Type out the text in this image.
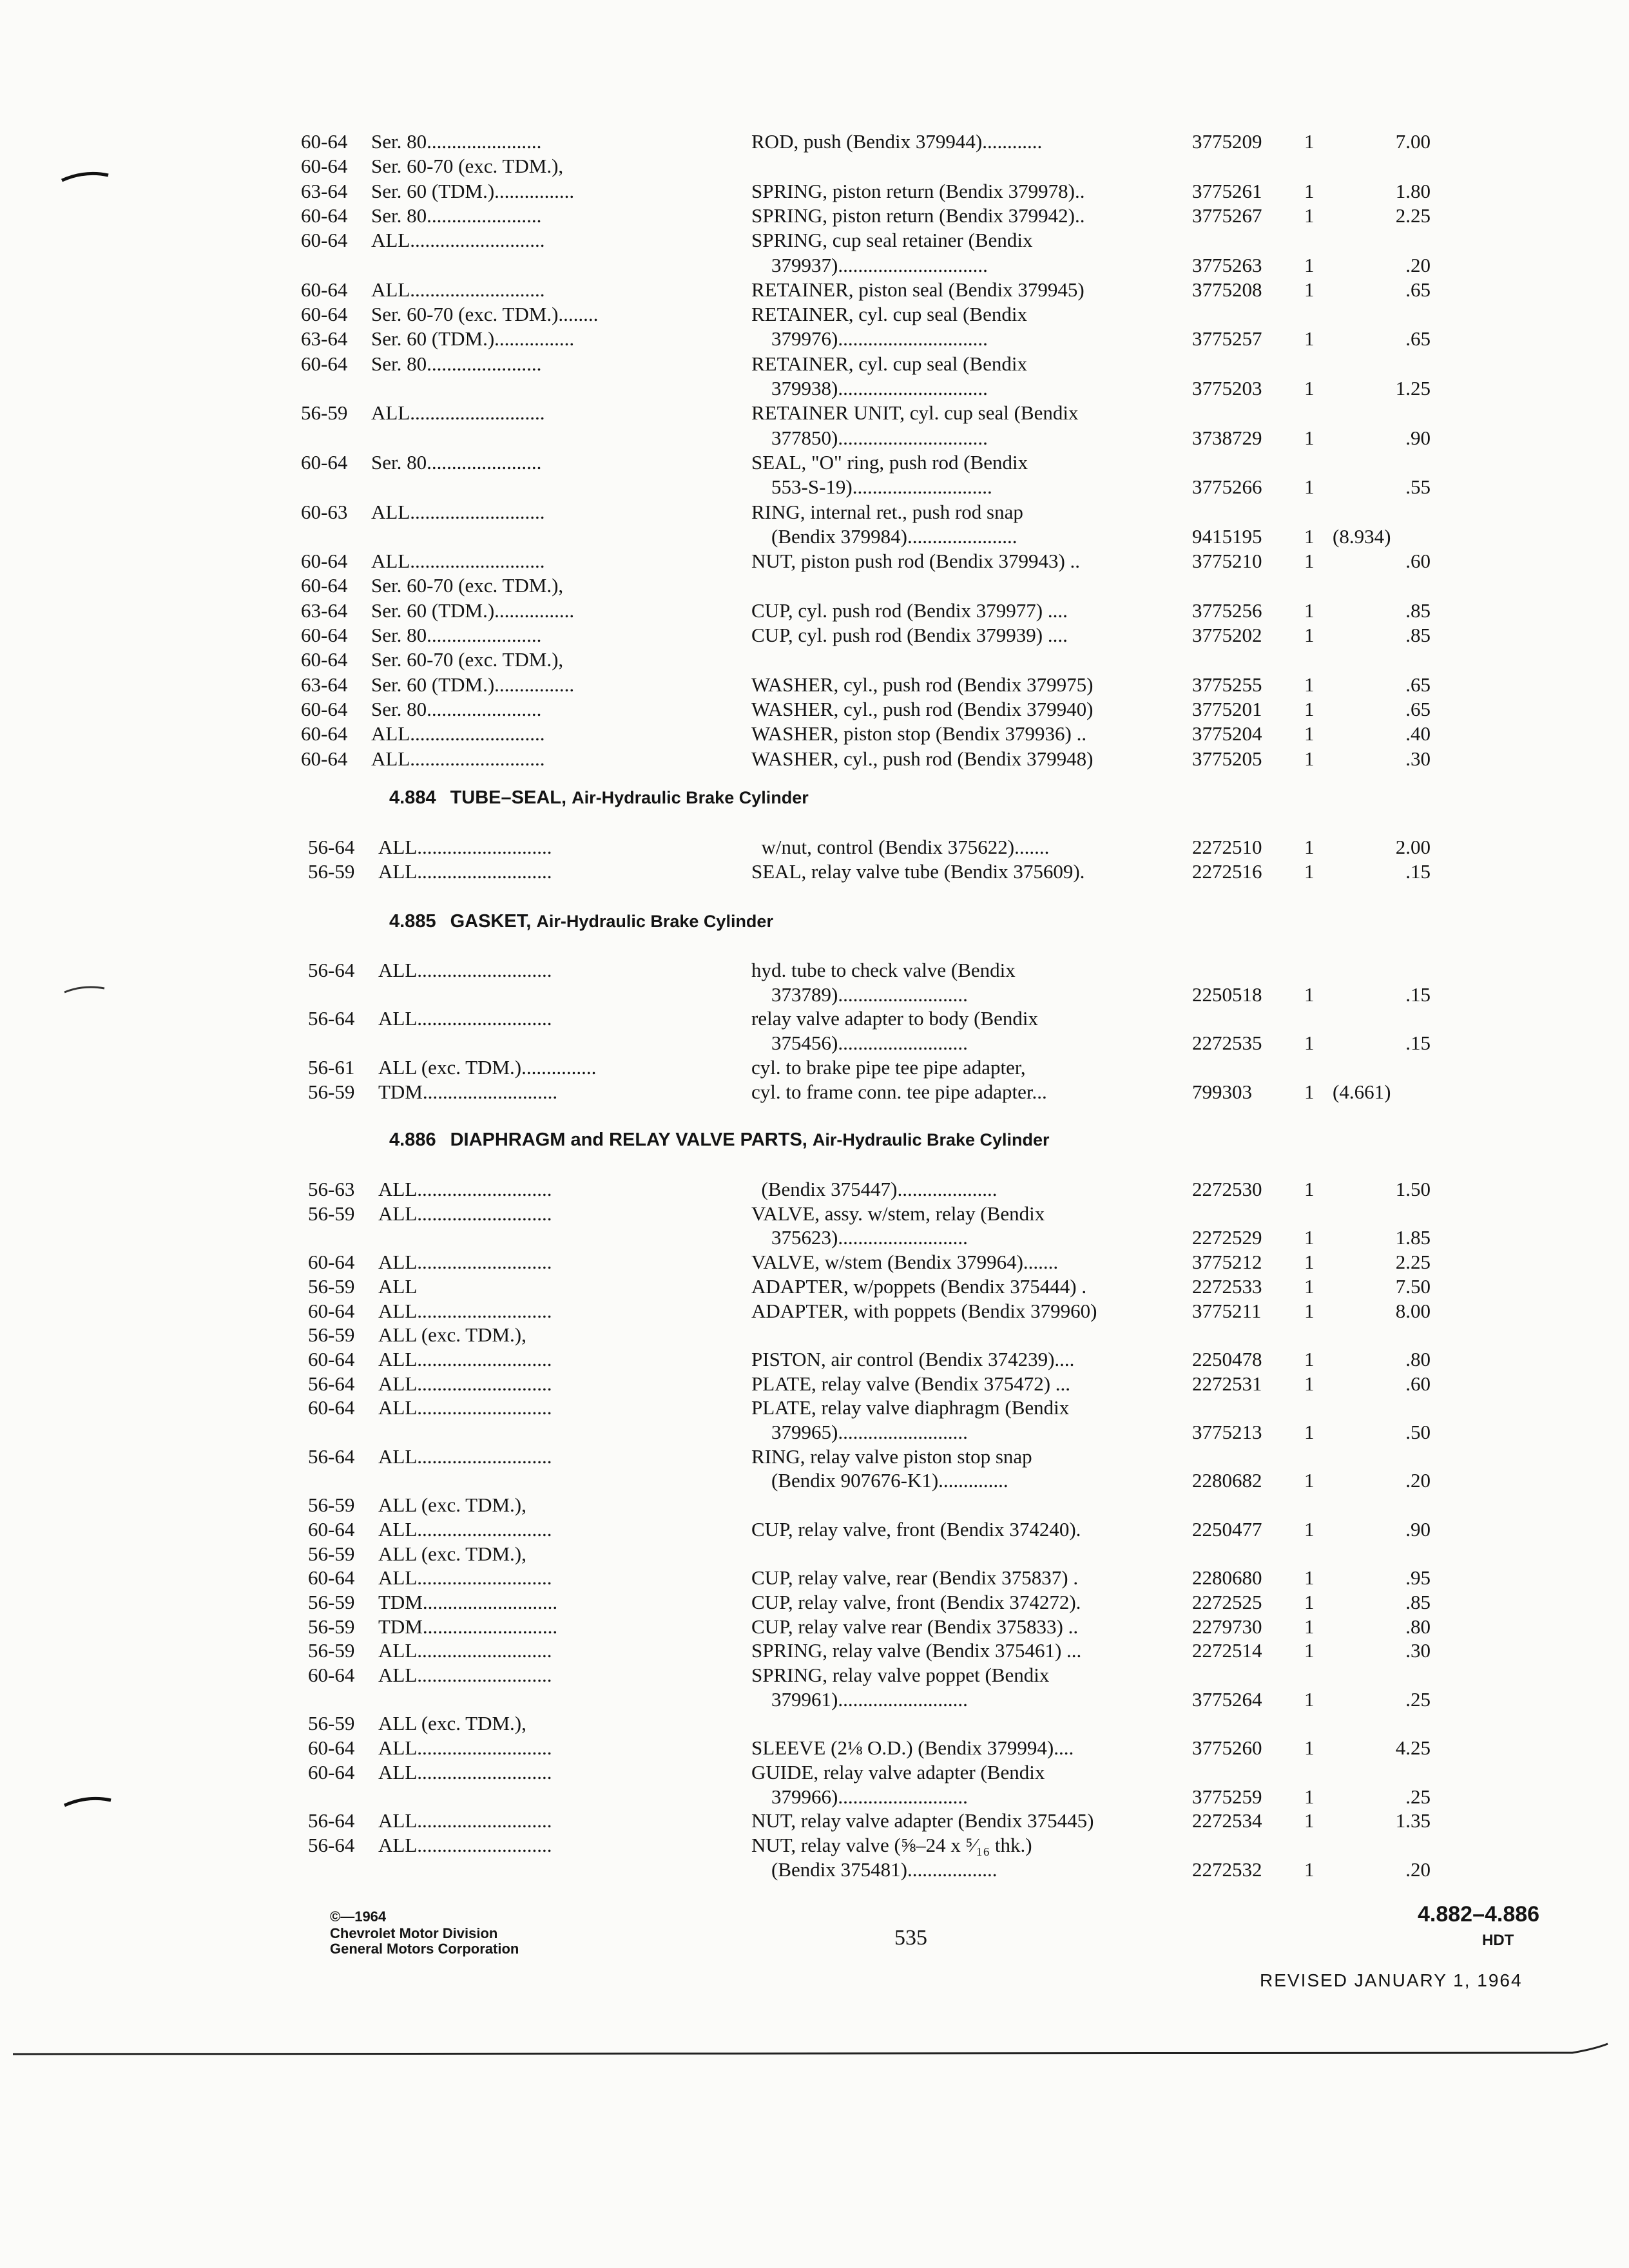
60-64 Ser. 80.......................	ROD, push (Bendix 379944)............	3775209 1	7.00
60-64 Ser. 60-70 (exc. TDM.),
63-64 Ser. 60 (TDM.)................	SPRING, piston return (Bendix 379978)..	3775261 1	1.80
60-64 Ser. 80.......................	SPRING, piston return (Bendix 379942)..	3775267 1	2.25
60-64 ALL...........................	SPRING, cup seal retainer (Bendix
379937)..............................	3775263 1	.20
60-64 ALL...........................	RETAINER, piston seal (Bendix 379945)	3775208 1	.65
60-64 Ser. 60-70 (exc. TDM.)........	RETAINER, cyl. cup seal (Bendix
63-64 Ser. 60 (TDM.)................	379976)..............................	3775257 1	.65
60-64 Ser. 80.......................	RETAINER, cyl. cup seal (Bendix
379938)..............................	3775203 1	1.25
56-59 ALL...........................	RETAINER UNIT, cyl. cup seal (Bendix
377850)..............................	3738729 1	.90
60-64 Ser. 80.......................	SEAL, "O" ring, push rod (Bendix
553-S-19)............................	3775266 1	.55
60-63 ALL...........................	RING, internal ret., push rod snap
(Bendix 379984)......................	9415195 1 (8.934)
60-64 ALL...........................	NUT, piston push rod (Bendix 379943) ..	3775210 1	.60
60-64 Ser. 60-70 (exc. TDM.),
63-64 Ser. 60 (TDM.)................	CUP, cyl. push rod (Bendix 379977) ....	3775256 1	.85
60-64 Ser. 80.......................	CUP, cyl. push rod (Bendix 379939) ....	3775202 1	.85
60-64 Ser. 60-70 (exc. TDM.),
63-64 Ser. 60 (TDM.)................	WASHER, cyl., push rod (Bendix 379975)	3775255 1	.65
60-64 Ser. 80.......................	WASHER, cyl., push rod (Bendix 379940)	3775201 1	.65
60-64 ALL...........................	WASHER, piston stop (Bendix 379936) ..	3775204 1	.40
60-64 ALL...........................	WASHER, cyl., push rod (Bendix 379948)	3775205 1	.30
4.884 TUBE–SEAL, Air-Hydraulic Brake Cylinder
56-64 ALL...........................	w/nut, control (Bendix 375622).......	2272510 1	2.00
56-59 ALL...........................	SEAL, relay valve tube (Bendix 375609).	2272516 1	.15
4.885 GASKET, Air-Hydraulic Brake Cylinder
56-64 ALL...........................	hyd. tube to check valve (Bendix
373789)..........................	2250518 1	.15
56-64 ALL...........................	relay valve adapter to body (Bendix
375456)..........................	2272535 1	.15
56-61 ALL (exc. TDM.)...............	cyl. to brake pipe tee pipe adapter,
56-59 TDM...........................	cyl. to frame conn. tee pipe adapter...	799303	1 (4.661)
4.886 DIAPHRAGM and RELAY VALVE PARTS, Air-Hydraulic Brake Cylinder
56-63 ALL...........................	(Bendix 375447)....................	2272530 1	1.50
56-59 ALL...........................	VALVE, assy. w/stem, relay (Bendix
375623)..........................	2272529 1	1.85
60-64 ALL...........................	VALVE, w/stem (Bendix 379964).......	3775212 1	2.25
56-59 ALL	ADAPTER, w/poppets (Bendix 375444) .	2272533 1	7.50
60-64 ALL...........................	ADAPTER, with poppets (Bendix 379960)	3775211 1	8.00
56-59 ALL (exc. TDM.),
60-64 ALL...........................	PISTON, air control (Bendix 374239)....	2250478 1	.80
56-64 ALL...........................	PLATE, relay valve (Bendix 375472) ...	2272531 1	.60
60-64 ALL...........................	PLATE, relay valve diaphragm (Bendix
379965)..........................	3775213 1	.50
56-64 ALL...........................	RING, relay valve piston stop snap
(Bendix 907676-K1)..............	2280682 1	.20
56-59 ALL (exc. TDM.),
60-64 ALL...........................	CUP, relay valve, front (Bendix 374240).	2250477 1	.90
56-59 ALL (exc. TDM.),
60-64 ALL...........................	CUP, relay valve, rear (Bendix 375837) .	2280680 1	.95
56-59 TDM...........................	CUP, relay valve, front (Bendix 374272).	2272525 1	.85
56-59 TDM...........................	CUP, relay valve rear (Bendix 375833) ..	2279730 1	.80
56-59 ALL...........................	SPRING, relay valve (Bendix 375461) ...	2272514 1	.30
60-64 ALL...........................	SPRING, relay valve poppet (Bendix
379961)..........................	3775264 1	.25
56-59 ALL (exc. TDM.),
60-64 ALL...........................	SLEEVE (2⅛ O.D.) (Bendix 379994)....	3775260 1	4.25
60-64 ALL...........................	GUIDE, relay valve adapter (Bendix
379966)..........................	3775259 1	.25
56-64 ALL...........................	NUT, relay valve adapter (Bendix 375445)	2272534 1	1.35
56-64 ALL...........................	NUT, relay valve (⅝–24 x ⁵⁄₁₆ thk.)
(Bendix 375481)..................	2272532 1	.20
©—1964
Chevrolet Motor Division
General Motors Corporation	535
4.882–4.886
HDT
REVISED JANUARY 1, 1964
